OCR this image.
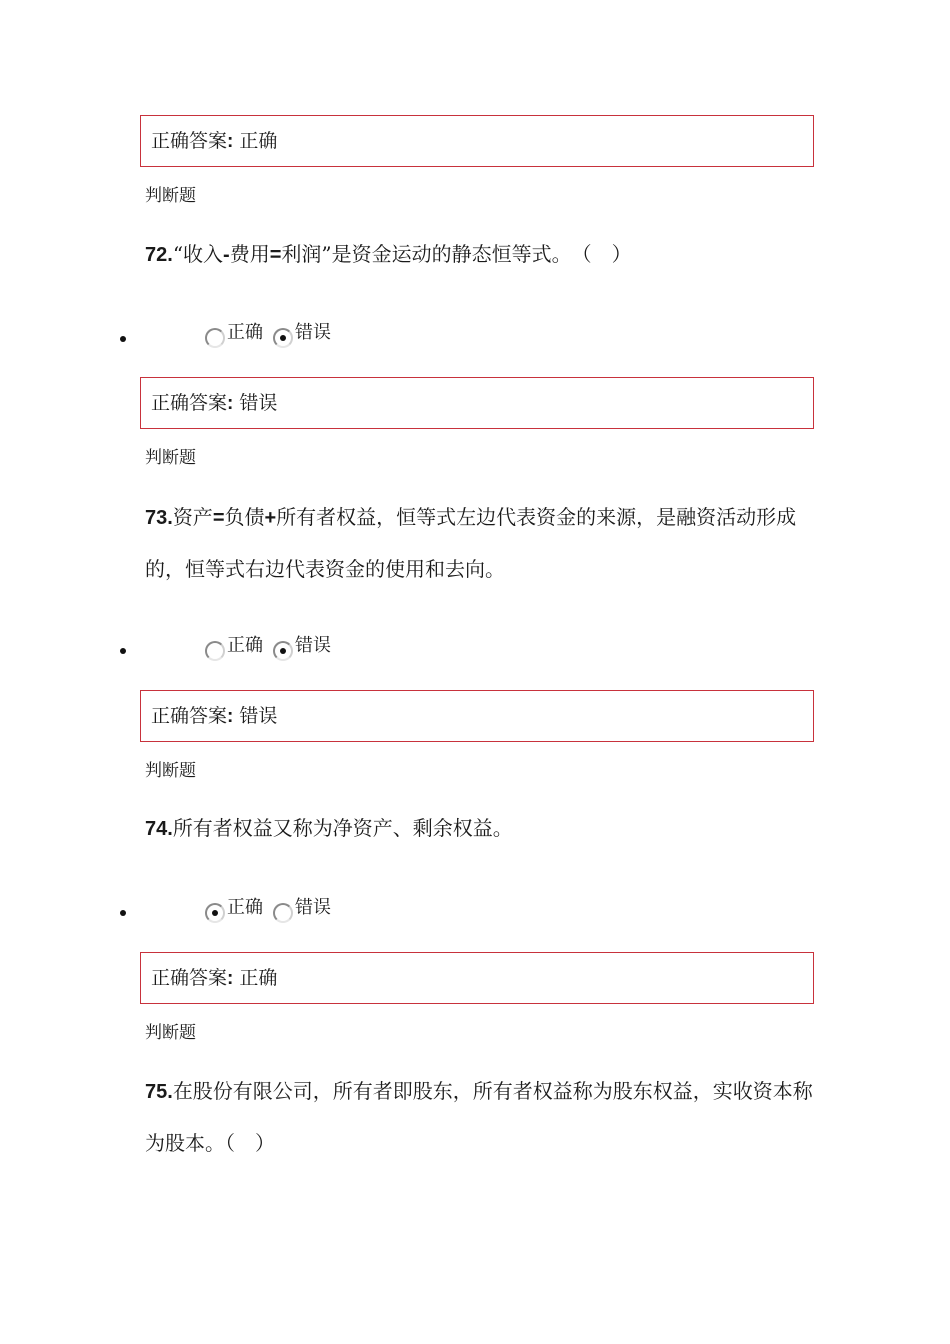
正确答案: 正确
判断题
72.“收入-费用=利润”是资金运动的静态恒等式。　（　）
正确 错误
正确答案: 错误
判断题
73.资产=负债+所有者权益，恒等式左边代表资金的来源，是融资活动形成的，恒等式右边代表资金的使用和去向。
正确 错误
正确答案: 错误
判断题
74.所有者权益又称为净资产、剩余权益。
正确 错误
正确答案: 正确
判断题
75.在股份有限公司，所有者即股东，所有者权益称为股东权益，实收资本称为股本。（　）
